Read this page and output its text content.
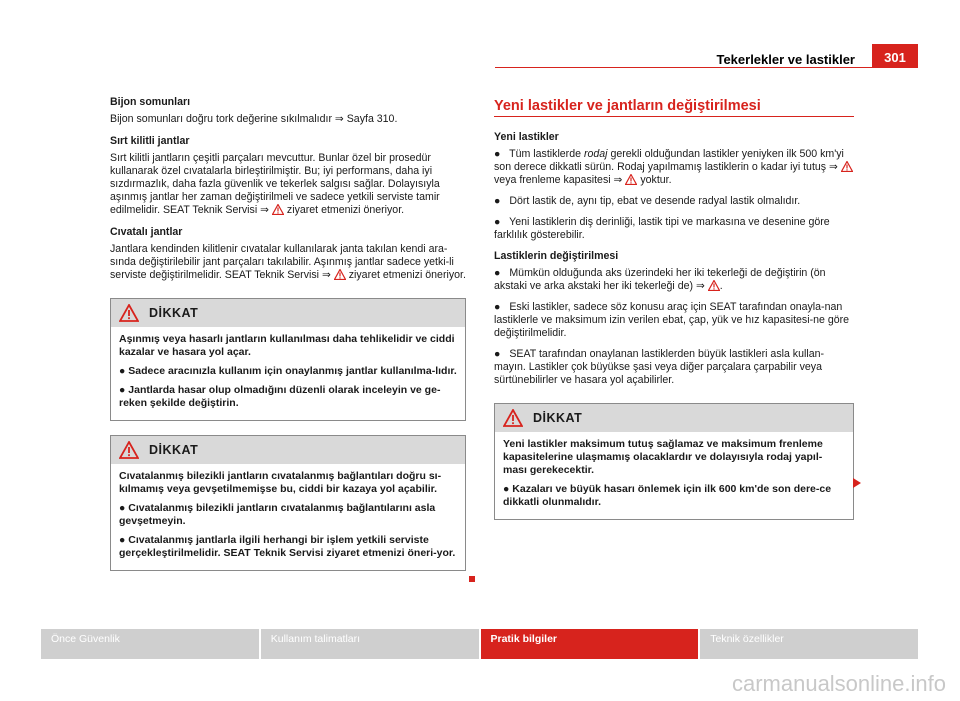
Tekerlekler ve lastikler	301
Bijon somunları
Bijon somunları doğru tork değerine sıkılmalıdır ⇒ Sayfa 310.
Sırt kilitli jantlar
Sırt kilitli jantların çeşitli parçaları mevcuttur. Bunlar özel bir prosedür kullanarak özel cıvatalarla birleştirilmiştir. Bu; iyi performans, daha iyi sızdırmazlık, daha fazla güvenlik ve tekerlek salgısı sağlar. Dolayısıyla aşınmış jantlar her zaman değiştirilmeli ve sadece yetkili serviste tamir edilmelidir. SEAT Teknik Servisi ⇒ ziyaret etmenizi öneriyor.
Cıvatalı jantlar
Jantlara kendinden kilitlenir cıvatalar kullanılarak janta takılan kendi ara-sında değiştirilebilir jant parçaları takılabilir. Aşınmış jantlar sadece yetki-li serviste değiştirilmelidir. SEAT Teknik Servisi ⇒ ziyaret etmenizi öneriyor.
DİKKAT
Aşınmış veya hasarlı jantların kullanılması daha tehlikelidir ve ciddi kazalar ve hasara yol açar.
● Sadece aracınızla kullanım için onaylanmış jantlar kullanılma-lıdır.
● Jantlarda hasar olup olmadığını düzenli olarak inceleyin ve ge-reken şekilde değiştirin.
DİKKAT
Cıvatalanmış bilezikli jantların cıvatalanmış bağlantıları doğru sı-kılmamış veya gevşetilmemişse bu, ciddi bir kazaya yol açabilir.
● Cıvatalanmış bilezikli jantların cıvatalanmış bağlantılarını asla gevşetmeyin.
● Cıvatalanmış jantlarla ilgili herhangi bir işlem yetkili serviste gerçekleştirilmelidir. SEAT Teknik Servisi ziyaret etmenizi öneri-yor.
Yeni lastikler ve jantların değiştirilmesi
Yeni lastikler
● Tüm lastiklerde rodaj gerekli olduğundan lastikler yeniyken ilk 500 km'yi son derece dikkatli sürün. Rodaj yapılmamış lastiklerin o kadar iyi tutuş ⇒  veya frenleme kapasitesi ⇒ yoktur.
● Dört lastik de, aynı tip, ebat ve desende radyal lastik olmalıdır.
● Yeni lastiklerin diş derinliği, lastik tipi ve markasına ve desenine göre farklılık gösterebilir.
Lastiklerin değiştirilmesi
● Mümkün olduğunda aks üzerindeki her iki tekerleği de değiştirin (ön akstaki ve arka akstaki her iki tekerleği de) ⇒ .
● Eski lastikler, sadece söz konusu araç için SEAT tarafından onayla-nan lastiklerle ve maksimum izin verilen ebat, çap, yük ve hız kapasitesi-ne göre değiştirilmelidir.
● SEAT tarafından onaylanan lastiklerden büyük lastikleri asla kullan-mayın. Lastikler çok büyükse şasi veya diğer parçalara çarpabilir veya sürtünebilirler ve hasara yol açabilirler.
DİKKAT
Yeni lastikler maksimum tutuş sağlamaz ve maksimum frenleme kapasitelerine ulaşmamış olacaklardır ve dolayısıyla rodaj yapıl-ması gerekecektir.
● Kazaları ve büyük hasarı önlemek için ilk 600 km'de son dere-ce dikkatli olunmalıdır.
Önce Güvenlik	Kullanım talimatları	Pratik bilgiler	Teknik özellikler
carmanualsonline.info
